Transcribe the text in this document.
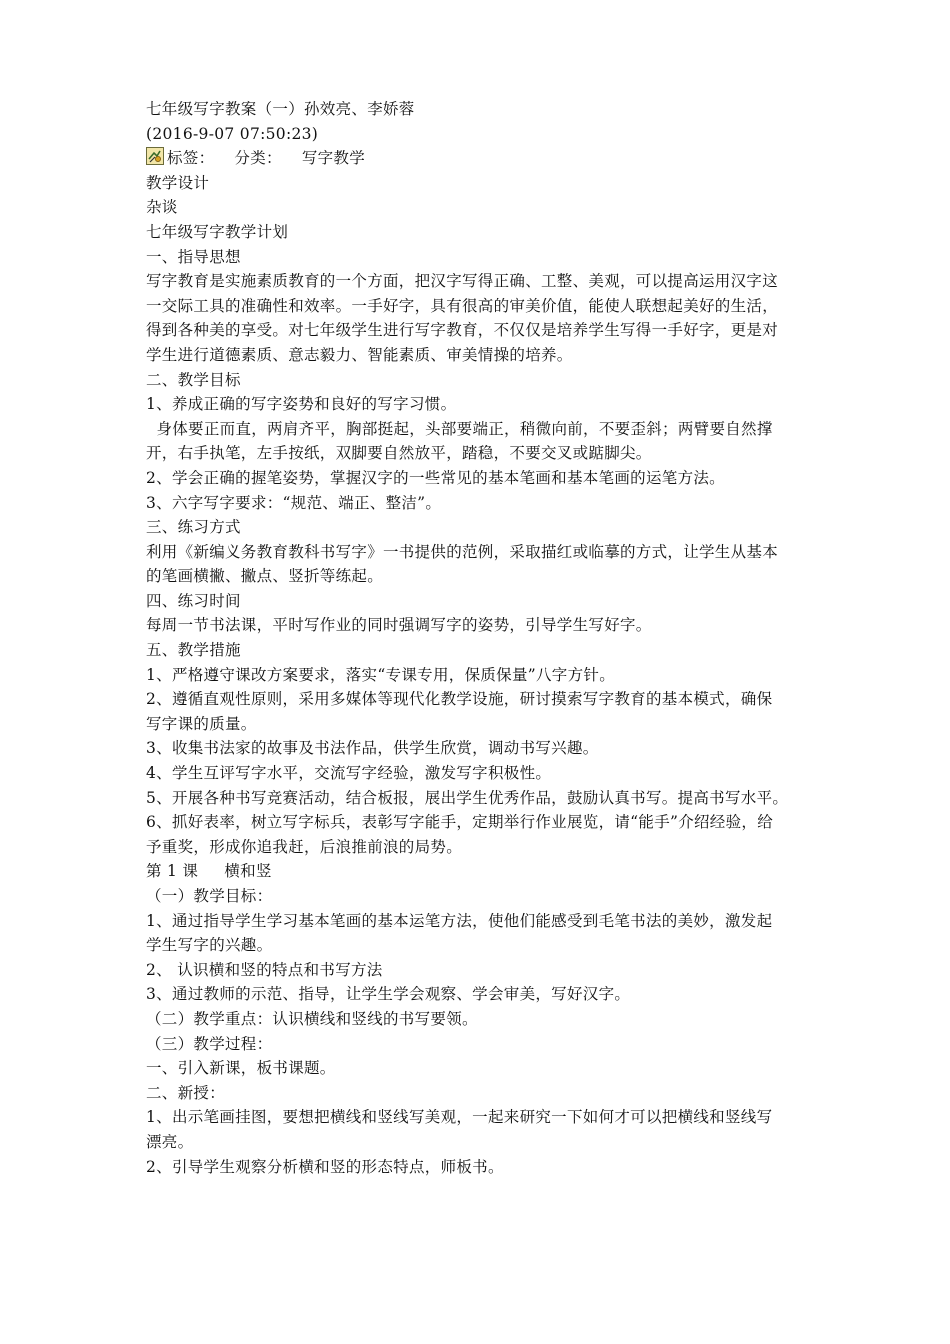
七年级写字教案（一）孙效亮、李娇蓉
(2016-9-07 07:50:23)
标签： 分类： 写字教学
教学设计
杂谈
七年级写字教学计划
一、指导思想
写字教育是实施素质教育的一个方面，把汉字写得正确、工整、美观，可以提高运用汉字这
一交际工具的准确性和效率。一手好字，具有很高的审美价值，能使人联想起美好的生活，
得到各种美的享受。对七年级学生进行写字教育，不仅仅是培养学生写得一手好字，更是对
学生进行道德素质、意志毅力、智能素质、审美情操的培养。
二、教学目标
1、养成正确的写字姿势和良好的写字习惯。
身体要正而直，两肩齐平，胸部挺起，头部要端正，稍微向前，不要歪斜；两臂要自然撑
开，右手执笔，左手按纸，双脚要自然放平，踏稳，不要交叉或踮脚尖。
2、学会正确的握笔姿势，掌握汉字的一些常见的基本笔画和基本笔画的运笔方法。
3、六字写字要求：“规范、端正、整洁”。
三、练习方式
利用《新编义务教育教科书写字》一书提供的范例，采取描红或临摹的方式，让学生从基本
的笔画横撇、撇点、竖折等练起。
四、练习时间
每周一节书法课，平时写作业的同时强调写字的姿势，引导学生写好字。
五、教学措施
1、严格遵守课改方案要求，落实“专课专用，保质保量”八字方针。
2、遵循直观性原则，采用多媒体等现代化教学设施，研讨摸索写字教育的基本模式，确保
写字课的质量。
3、收集书法家的故事及书法作品，供学生欣赏，调动书写兴趣。
4、学生互评写字水平，交流写字经验，激发写字积极性。
5、开展各种书写竞赛活动，结合板报，展出学生优秀作品，鼓励认真书写。提高书写水平。
6、抓好表率，树立写字标兵，表彰写字能手，定期举行作业展览，请“能手”介绍经验，给
予重奖，形成你追我赶，后浪推前浪的局势。
第 1 课     横和竖
（一）教学目标：
1、通过指导学生学习基本笔画的基本运笔方法，使他们能感受到毛笔书法的美妙，激发起
学生写字的兴趣。
2、 认识横和竖的特点和书写方法
3、通过教师的示范、指导，让学生学会观察、学会审美，写好汉字。
（二）教学重点：认识横线和竖线的书写要领。
（三）教学过程：
一、引入新课，板书课题。
二、新授：
1、出示笔画挂图，要想把横线和竖线写美观，一起来研究一下如何才可以把横线和竖线写
漂亮。
2、引导学生观察分析横和竖的形态特点，师板书。
